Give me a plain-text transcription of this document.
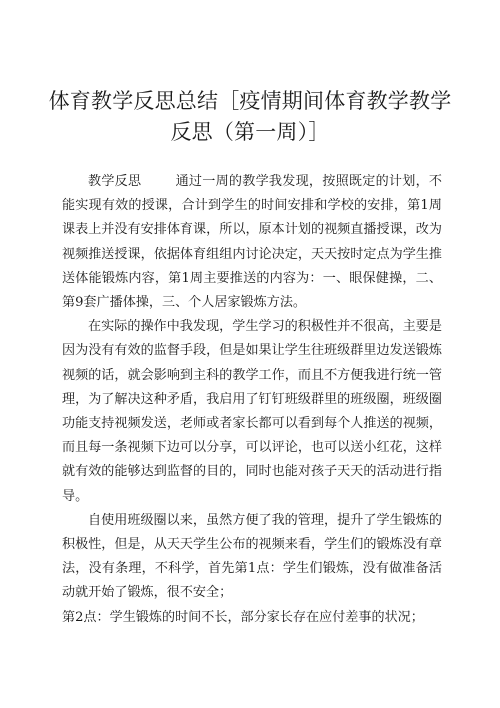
体育教学反思总结［疫情期间体育教学教学反思（第一周）］

教学反思	通过一周的教学我发现，按照既定的计划，不能实现有效的授课，合计到学生的时间安排和学校的安排，第1周课表上并没有安排体育课，所以，原本计划的视频直播授课，改为视频推送授课，依据体育组组内讨论决定，天天按时定点为学生推送体能锻炼内容，第1周主要推送的内容为：一、眼保健操，二、第9套广播体操，三、个人居家锻炼方法。

在实际的操作中我发现，学生学习的积极性并不很高，主要是因为没有有效的监督手段，但是如果让学生往班级群里边发送锻炼视频的话，就会影响到主科的教学工作，而且不方便我进行统一管理，为了解决这种矛盾，我启用了钉钉班级群里的班级圈，班级圈功能支持视频发送，老师或者家长都可以看到每个人推送的视频，而且每一条视频下边可以分享，可以评论，也可以送小红花，这样就有效的能够达到监督的目的，同时也能对孩子天天的活动进行指导。

自使用班级圈以来，虽然方便了我的管理，提升了学生锻炼的积极性，但是，从天天学生公布的视频来看，学生们的锻炼没有章法，没有条理，不科学，首先第1点：学生们锻炼，没有做准备活动就开始了锻炼，很不安全；

第2点：学生锻炼的时间不长，部分家长存在应付差事的状况；
